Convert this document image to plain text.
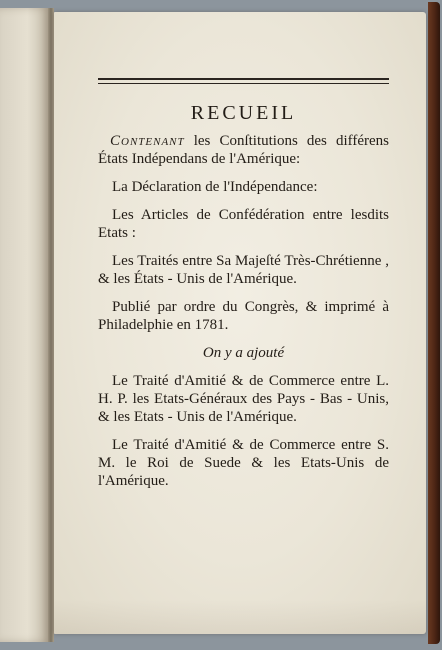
RECUEIL

Contenant les Conſtitutions des différens États Indépendans de l'Amérique:

La Déclaration de l'Indépendance:

Les Articles de Confédération entre lesdits Etats :

Les Traités entre Sa Majeſté Très-Chrétienne , & les États - Unis de l'Amérique.

Publié par ordre du Congrès, & imprimé à Philadelphie en 1781.

On y a ajouté

Le Traité d'Amitié & de Commerce entre L. H. P. les Etats-Généraux des Pays - Bas - Unis, & les Etats - Unis de l'Amérique.

Le Traité d'Amitié & de Commerce entre S. M. le Roi de Suede & les Etats-Unis de l'Amérique.
